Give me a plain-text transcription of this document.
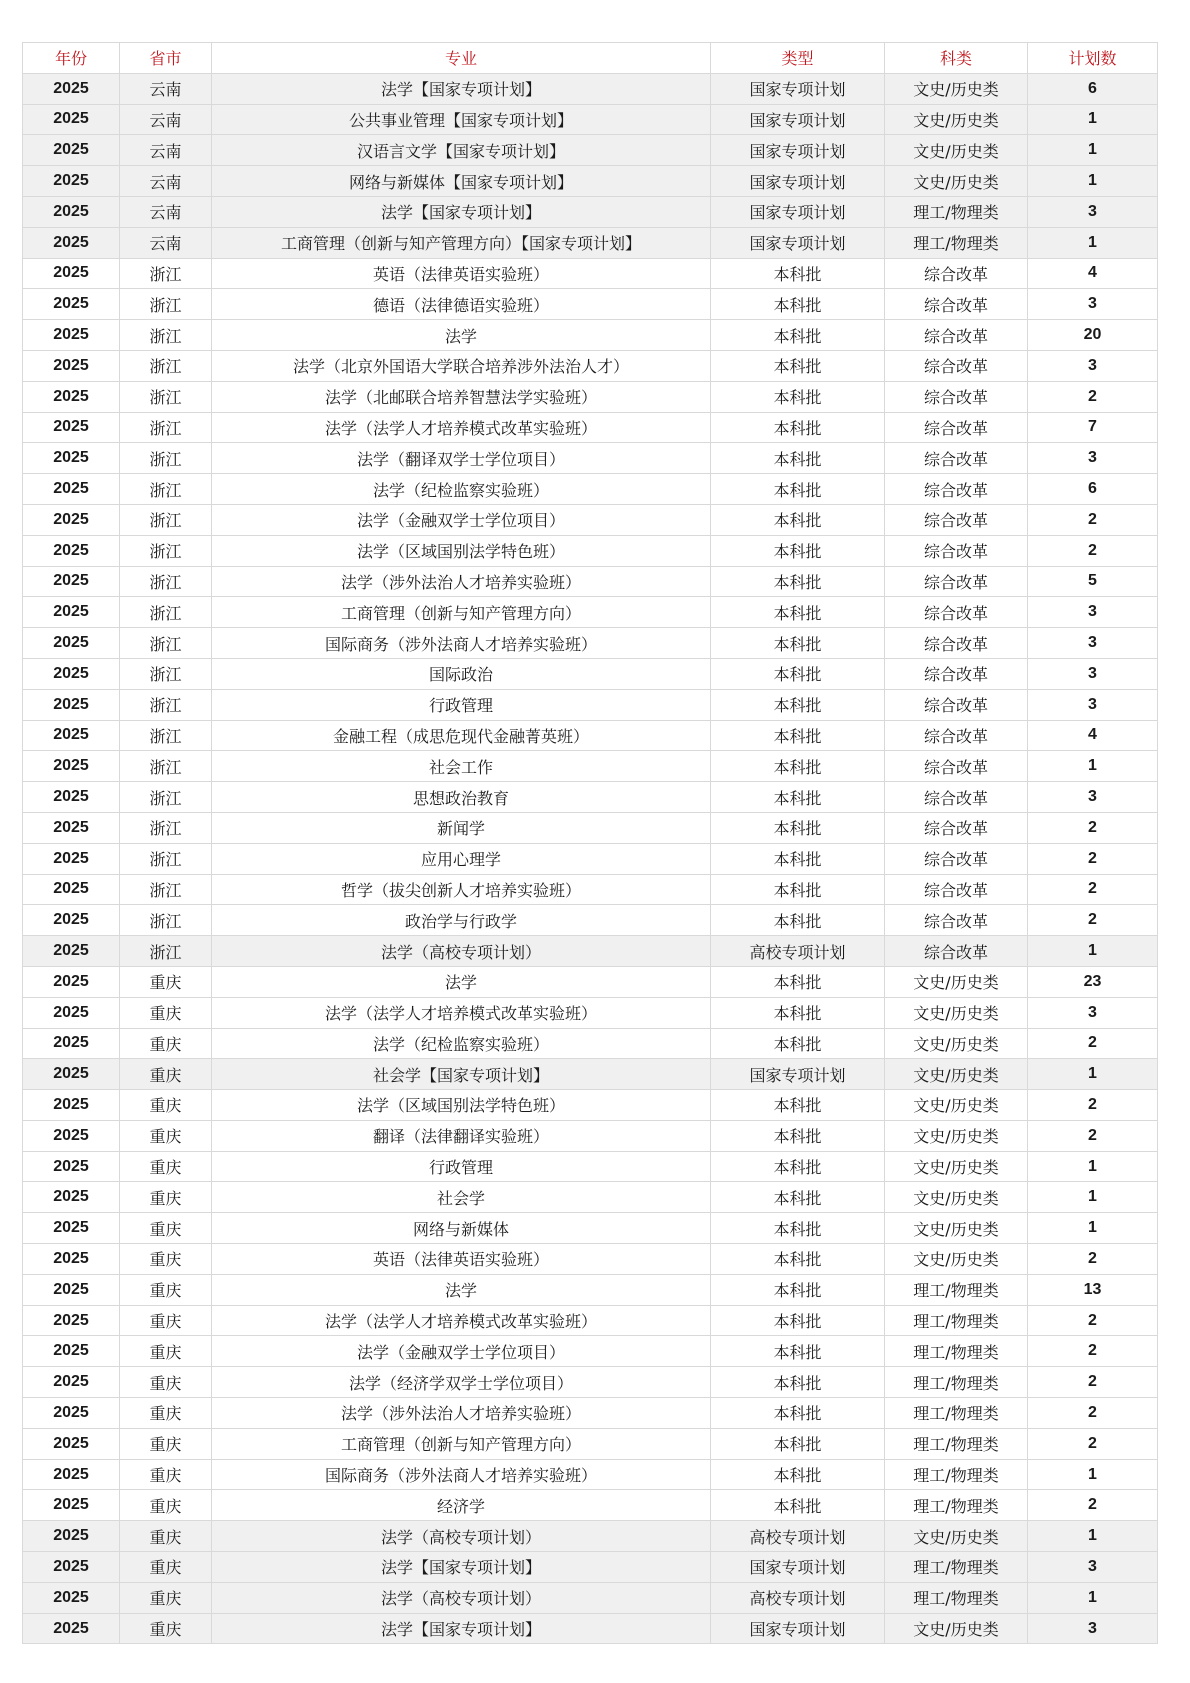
年份	省市	专业	类型	科类	计划数
2025	云南	法学【国家专项计划】	国家专项计划	文史/历史类	6
2025	云南	公共事业管理【国家专项计划】	国家专项计划	文史/历史类	1
2025	云南	汉语言文学【国家专项计划】	国家专项计划	文史/历史类	1
2025	云南	网络与新媒体【国家专项计划】	国家专项计划	文史/历史类	1
2025	云南	法学【国家专项计划】	国家专项计划	理工/物理类	3
2025	云南	工商管理（创新与知产管理方向）【国家专项计划】	国家专项计划	理工/物理类	1
2025	浙江	英语（法律英语实验班）	本科批	综合改革	4
2025	浙江	德语（法律德语实验班）	本科批	综合改革	3
2025	浙江	法学	本科批	综合改革	20
2025	浙江	法学（北京外国语大学联合培养涉外法治人才）	本科批	综合改革	3
2025	浙江	法学（北邮联合培养智慧法学实验班）	本科批	综合改革	2
2025	浙江	法学（法学人才培养模式改革实验班）	本科批	综合改革	7
2025	浙江	法学（翻译双学士学位项目）	本科批	综合改革	3
2025	浙江	法学（纪检监察实验班）	本科批	综合改革	6
2025	浙江	法学（金融双学士学位项目）	本科批	综合改革	2
2025	浙江	法学（区域国别法学特色班）	本科批	综合改革	2
2025	浙江	法学（涉外法治人才培养实验班）	本科批	综合改革	5
2025	浙江	工商管理（创新与知产管理方向）	本科批	综合改革	3
2025	浙江	国际商务（涉外法商人才培养实验班）	本科批	综合改革	3
2025	浙江	国际政治	本科批	综合改革	3
2025	浙江	行政管理	本科批	综合改革	3
2025	浙江	金融工程（成思危现代金融菁英班）	本科批	综合改革	4
2025	浙江	社会工作	本科批	综合改革	1
2025	浙江	思想政治教育	本科批	综合改革	3
2025	浙江	新闻学	本科批	综合改革	2
2025	浙江	应用心理学	本科批	综合改革	2
2025	浙江	哲学（拔尖创新人才培养实验班）	本科批	综合改革	2
2025	浙江	政治学与行政学	本科批	综合改革	2
2025	浙江	法学（高校专项计划）	高校专项计划	综合改革	1
2025	重庆	法学	本科批	文史/历史类	23
2025	重庆	法学（法学人才培养模式改革实验班）	本科批	文史/历史类	3
2025	重庆	法学（纪检监察实验班）	本科批	文史/历史类	2
2025	重庆	社会学【国家专项计划】	国家专项计划	文史/历史类	1
2025	重庆	法学（区域国别法学特色班）	本科批	文史/历史类	2
2025	重庆	翻译（法律翻译实验班）	本科批	文史/历史类	2
2025	重庆	行政管理	本科批	文史/历史类	1
2025	重庆	社会学	本科批	文史/历史类	1
2025	重庆	网络与新媒体	本科批	文史/历史类	1
2025	重庆	英语（法律英语实验班）	本科批	文史/历史类	2
2025	重庆	法学	本科批	理工/物理类	13
2025	重庆	法学（法学人才培养模式改革实验班）	本科批	理工/物理类	2
2025	重庆	法学（金融双学士学位项目）	本科批	理工/物理类	2
2025	重庆	法学（经济学双学士学位项目）	本科批	理工/物理类	2
2025	重庆	法学（涉外法治人才培养实验班）	本科批	理工/物理类	2
2025	重庆	工商管理（创新与知产管理方向）	本科批	理工/物理类	2
2025	重庆	国际商务（涉外法商人才培养实验班）	本科批	理工/物理类	1
2025	重庆	经济学	本科批	理工/物理类	2
2025	重庆	法学（高校专项计划）	高校专项计划	文史/历史类	1
2025	重庆	法学【国家专项计划】	国家专项计划	理工/物理类	3
2025	重庆	法学（高校专项计划）	高校专项计划	理工/物理类	1
2025	重庆	法学【国家专项计划】	国家专项计划	文史/历史类	3
